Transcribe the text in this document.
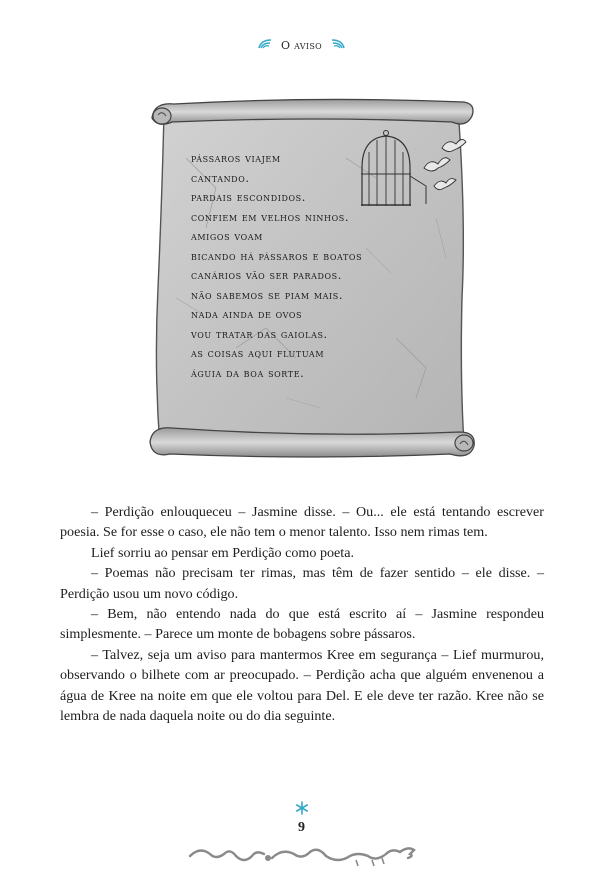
O aviso
pássaros viajem
cantando.
pardais escondidos.
confiem em velhos ninhos.
amigos voam
bicando há pássaros e boatos
canários vão ser parados.
não sabemos se piam mais.
nada ainda de ovos
vou tratar das gaiolas.
as coisas aqui flutuam
águia da boa sorte.

– Perdição enlouqueceu – Jasmine disse. – Ou... ele está tentando escrever poesia. Se for esse o caso, ele não tem o menor talento. Isso nem rimas tem.

Lief sorriu ao pensar em Perdição como poeta.

– Poemas não precisam ter rimas, mas têm de fazer sentido – ele disse. – Perdição usou um novo código.

– Bem, não entendo nada do que está escrito aí – Jasmine respondeu simplesmente. – Parece um monte de bobagens sobre pássaros.

– Talvez, seja um aviso para mantermos Kree em segurança – Lief murmurou, observando o bilhete com ar preocupado. – Perdição acha que alguém envenenou a água de Kree na noite em que ele voltou para Del. E ele deve ter razão. Kree não se lembra de nada daquela noite ou do dia seguinte.

9
